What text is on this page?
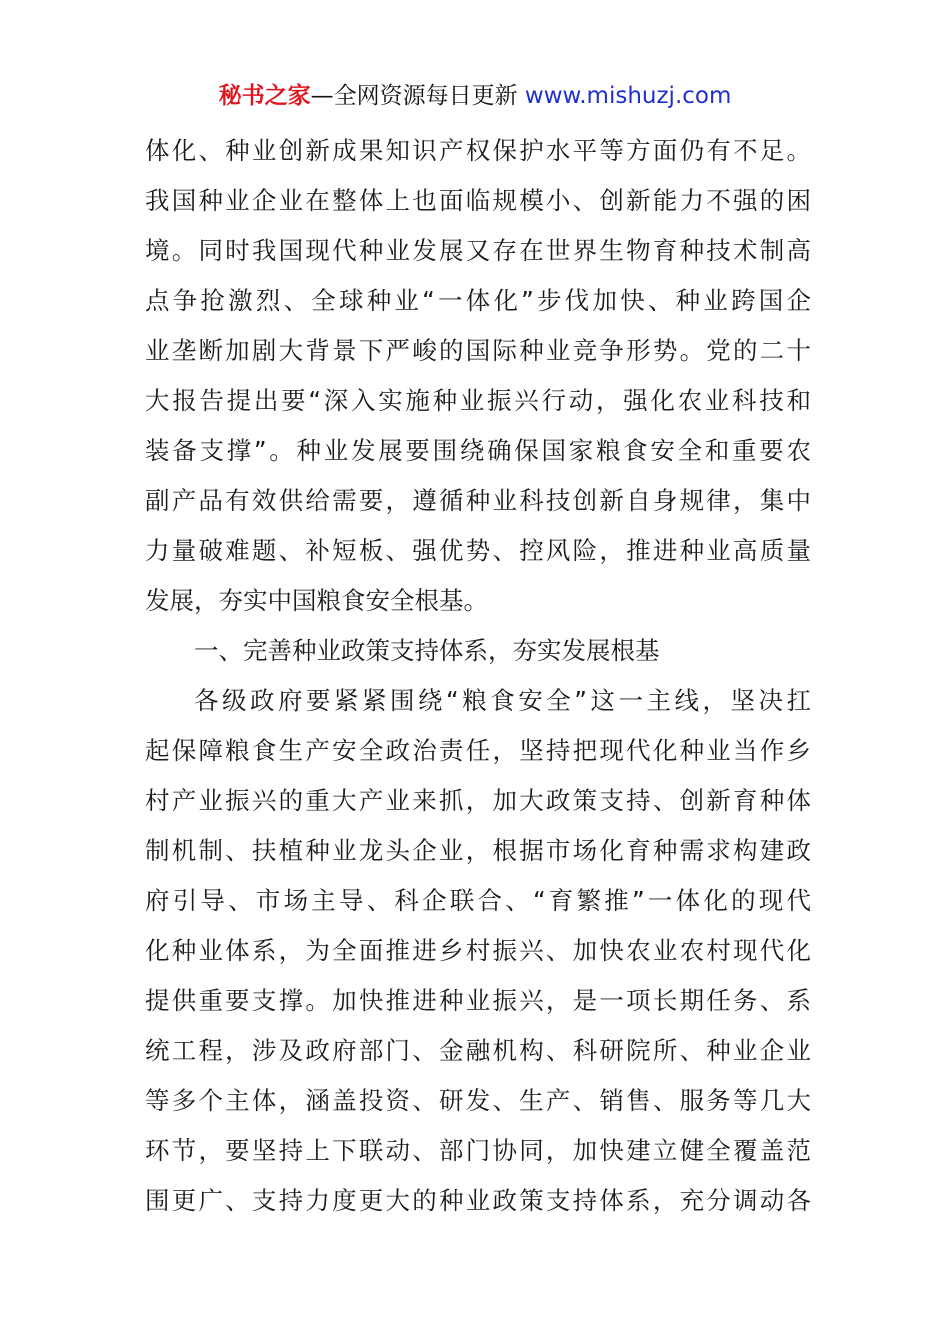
秘书之家—全网资源每日更新 www.mishuzj.com
体化、种业创新成果知识产权保护水平等方面仍有不足。
我国种业企业在整体上也面临规模小、创新能力不强的困
境。同时我国现代种业发展又存在世界生物育种技术制高
点争抢激烈、全球种业“一体化”步伐加快、种业跨国企
业垄断加剧大背景下严峻的国际种业竞争形势。党的二十
大报告提出要“深入实施种业振兴行动，强化农业科技和
装备支撑”。种业发展要围绕确保国家粮食安全和重要农
副产品有效供给需要，遵循种业科技创新自身规律，集中
力量破难题、补短板、强优势、控风险，推进种业高质量
发展，夯实中国粮食安全根基。
一、完善种业政策支持体系，夯实发展根基
各级政府要紧紧围绕“粮食安全”这一主线，坚决扛
起保障粮食生产安全政治责任，坚持把现代化种业当作乡
村产业振兴的重大产业来抓，加大政策支持、创新育种体
制机制、扶植种业龙头企业，根据市场化育种需求构建政
府引导、市场主导、科企联合、“育繁推”一体化的现代
化种业体系，为全面推进乡村振兴、加快农业农村现代化
提供重要支撑。加快推进种业振兴，是一项长期任务、系
统工程，涉及政府部门、金融机构、科研院所、种业企业
等多个主体，涵盖投资、研发、生产、销售、服务等几大
环节，要坚持上下联动、部门协同，加快建立健全覆盖范
围更广、支持力度更大的种业政策支持体系，充分调动各
